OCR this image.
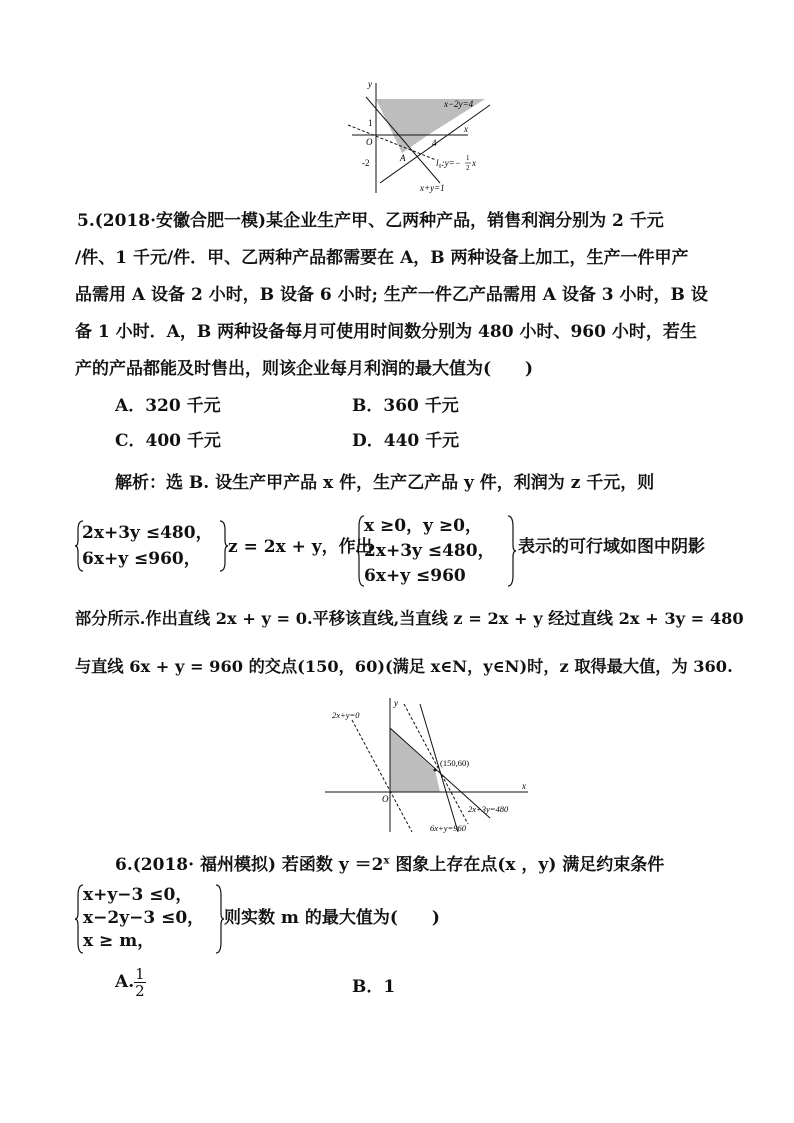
y
x
O
1
-2
4
A
x−2y=4
l₀:y=− 1
2 x
x+y=1
5.(2018·安徽合肥一模)某企业生产甲、乙两种产品，销售利润分别为 2 千元
/件、1 千元/件．甲、乙两种产品都需要在 A，B 两种设备上加工，生产一件甲产
品需用 A 设备 2 小时，B 设备 6 小时; 生产一件乙产品需用 A 设备 3 小时，B 设
备 1 小时．A，B 两种设备每月可使用时间数分别为 480 小时、960 小时，若生
产的产品都能及时售出，则该企业每月利润的最大值为(　　)
A．320 千元	B．360 千元
C．400 千元	D．440 千元
解析：选 B. 设生产甲产品 x 件，生产乙产品 y 件，利润为 z 千元，则
2x+3y ≤480，
6x+y ≤960，
z = 2x + y，作出
x ≥0，y ≥0，
2x+3y ≤480，
6x+y ≤960
表示的可行域如图中阴影
部分所示.作出直线 2x + y = 0.平移该直线,当直线 z = 2x + y 经过直线 2x + 3y = 480
与直线 6x + y = 960 的交点(150，60)(满足 x∈N，y∈N)时，z 取得最大值，为 360.
y
x
O
2x+y=0
(150,60)
2x+3y=480
6x+y=960
6.(2018· 福州模拟) 若函数 $y =2^x$ 图象上存在点(x ，y) 满足约束条件
x+y−3 ≤0，
x−2y−3 ≤0，
x ≥ m，
则实数 m 的最大值为(　　)
A. $\frac{1}{2}$	B．1
